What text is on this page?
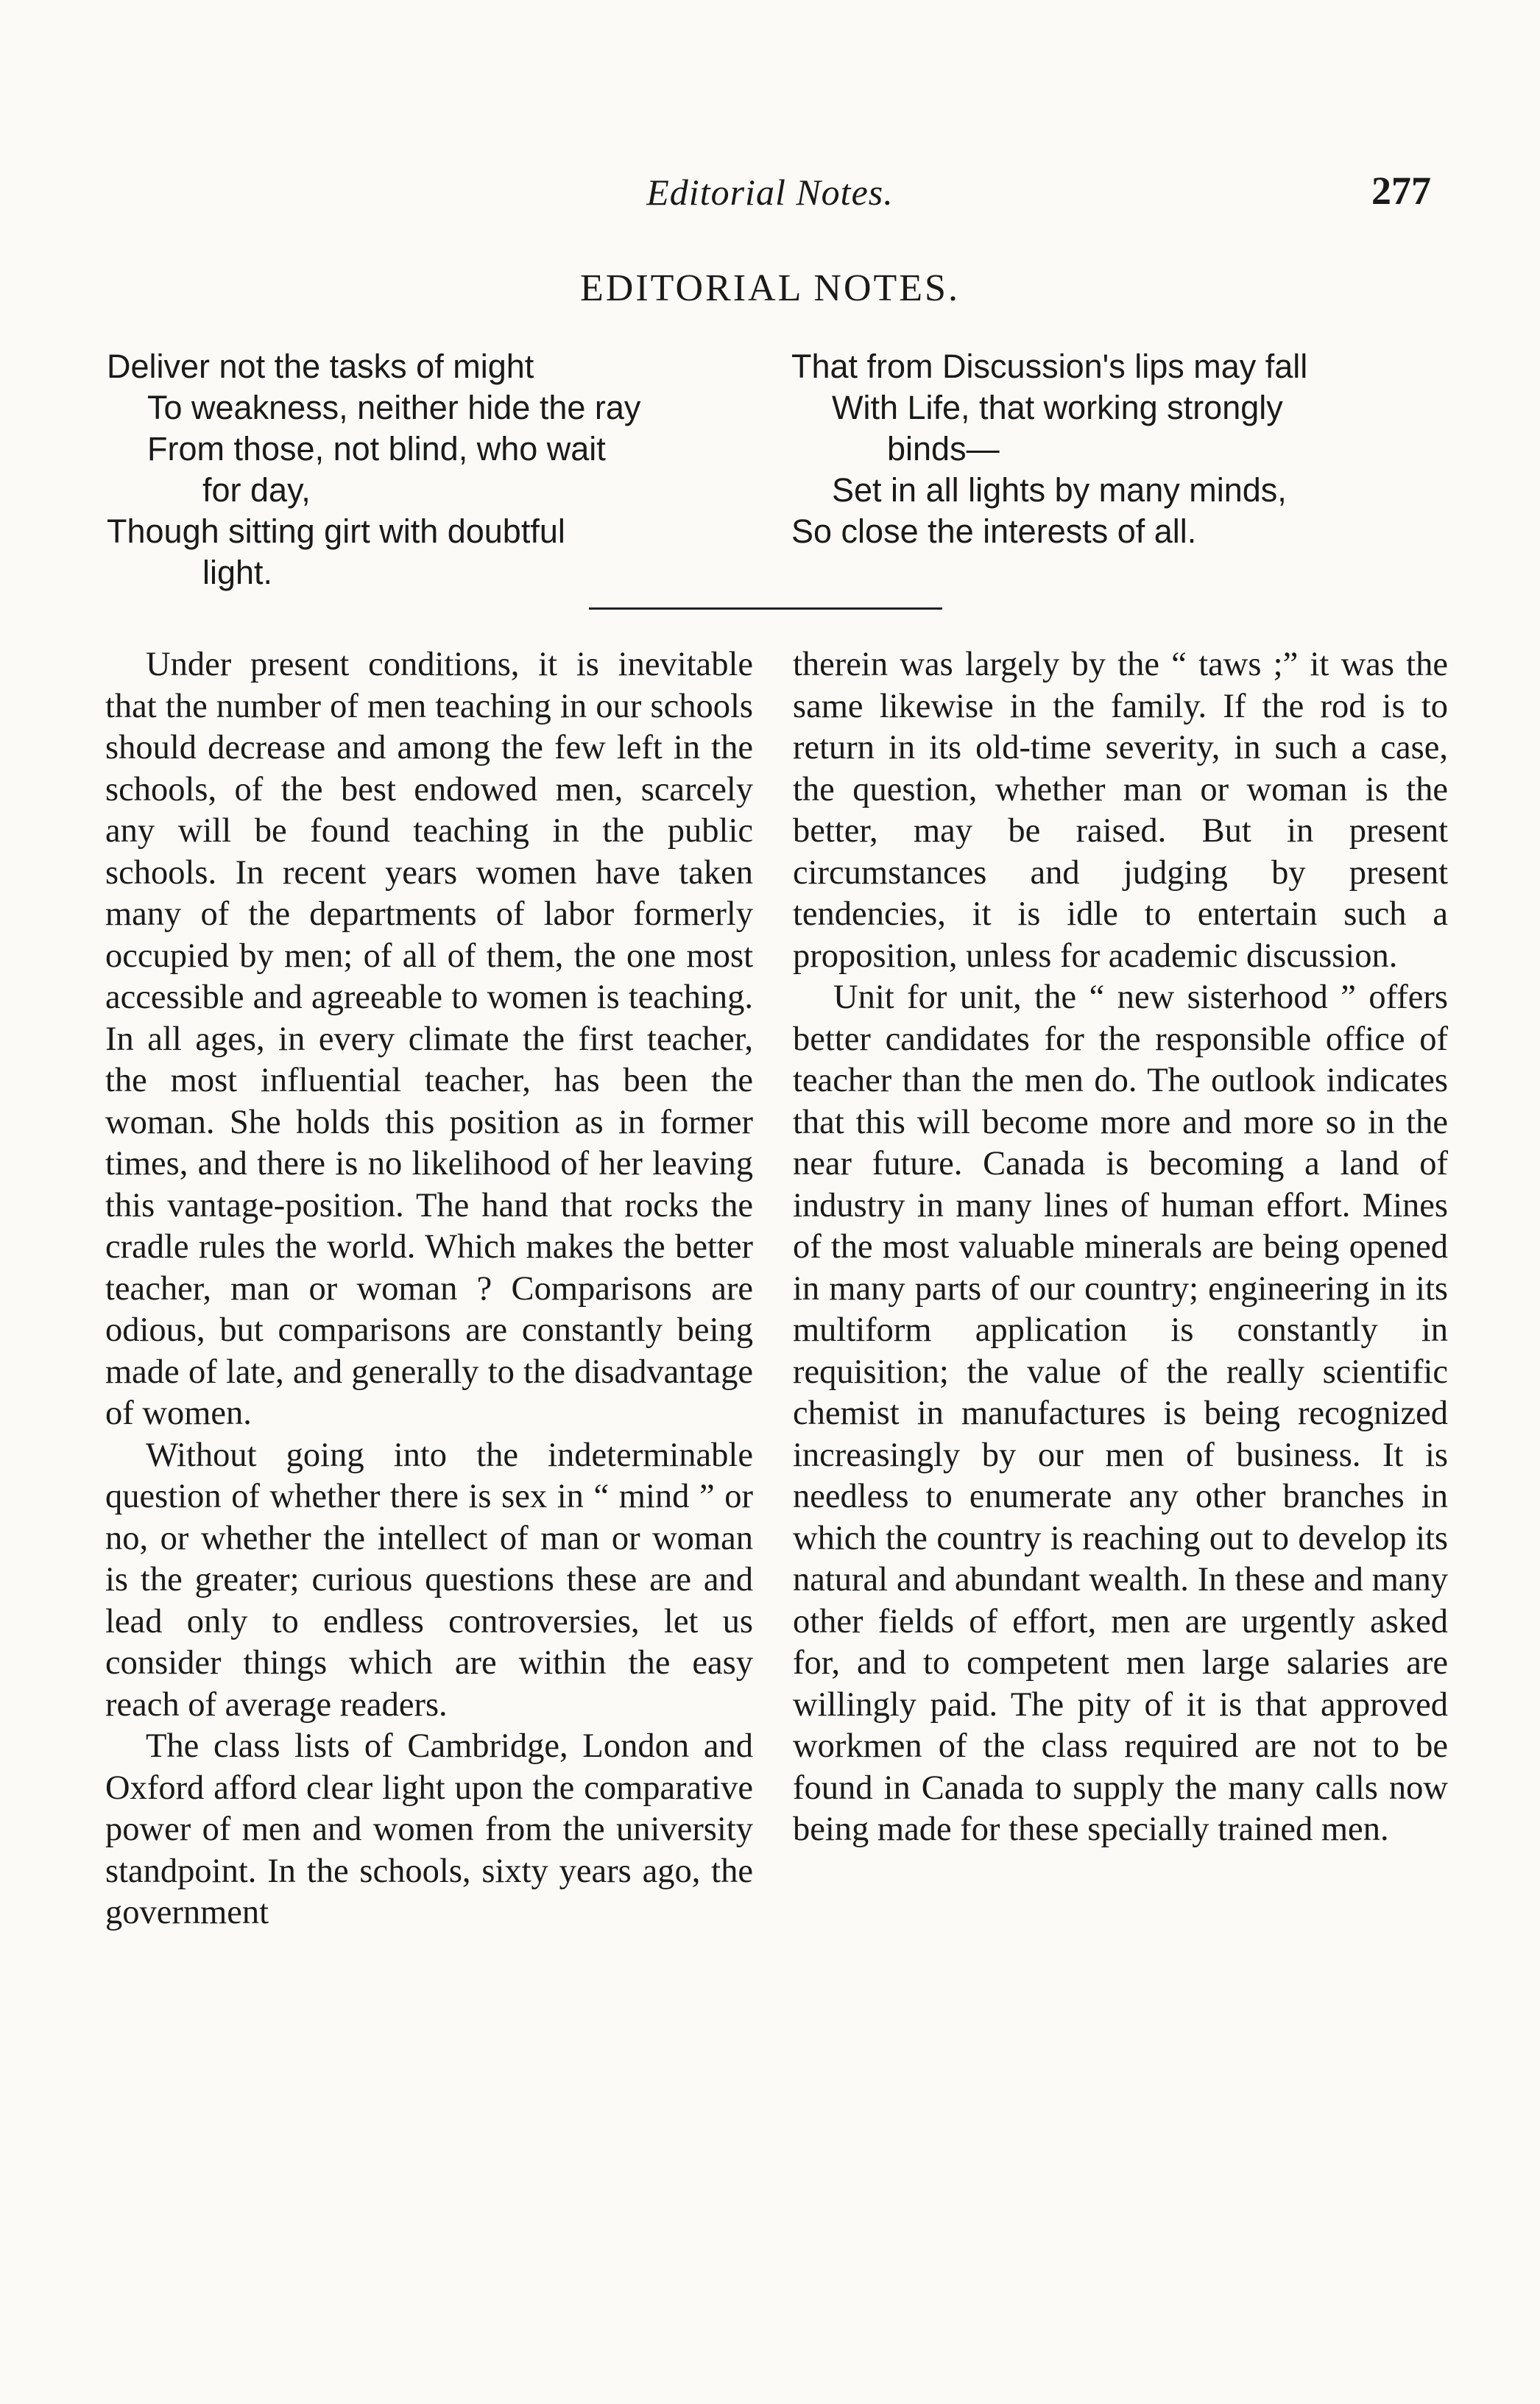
Editorial Notes.	277
EDITORIAL NOTES.
Deliver not the tasks of might
To weakness, neither hide the ray
From those, not blind, who wait
for day,
Though sitting girt with doubtful
light.
That from Discussion's lips may fall
With Life, that working strongly
binds—
Set in all lights by many minds,
So close the interests of all.

Under present conditions, it is inevitable that the number of men teaching in our schools should decrease and among the few left in the schools, of the best endowed men, scarcely any will be found teaching in the public schools. In recent years women have taken many of the departments of labor formerly occupied by men; of all of them, the one most accessible and agreeable to women is teaching. In all ages, in every climate the first teacher, the most influential teacher, has been the woman. She holds this position as in former times, and there is no likelihood of her leaving this vantage-position. The hand that rocks the cradle rules the world. Which makes the better teacher, man or woman ? Comparisons are odious, but comparisons are constantly being made of late, and generally to the disadvantage of women.

Without going into the indeterminable question of whether there is sex in “ mind ” or no, or whether the intellect of man or woman is the greater; curious questions these are and lead only to endless controversies, let us consider things which are within the easy reach of average readers.

The class lists of Cambridge, London and Oxford afford clear light upon the comparative power of men and women from the university standpoint. In the schools, sixty years ago, the government

therein was largely by the “ taws ;” it was the same likewise in the family. If the rod is to return in its old-time severity, in such a case, the question, whether man or woman is the better, may be raised. But in present circumstances and judging by present tendencies, it is idle to entertain such a proposition, unless for academic discussion.

Unit for unit, the “ new sisterhood ” offers better candidates for the responsible office of teacher than the men do. The outlook indicates that this will become more and more so in the near future. Canada is becoming a land of industry in many lines of human effort. Mines of the most valuable minerals are being opened in many parts of our country; engineering in its multiform application is constantly in requisition; the value of the really scientific chemist in manufactures is being recognized increasingly by our men of business. It is needless to enumerate any other branches in which the country is reaching out to develop its natural and abundant wealth. In these and many other fields of effort, men are urgently asked for, and to competent men large salaries are willingly paid. The pity of it is that approved workmen of the class required are not to be found in Canada to supply the many calls now being made for these specially trained men.
